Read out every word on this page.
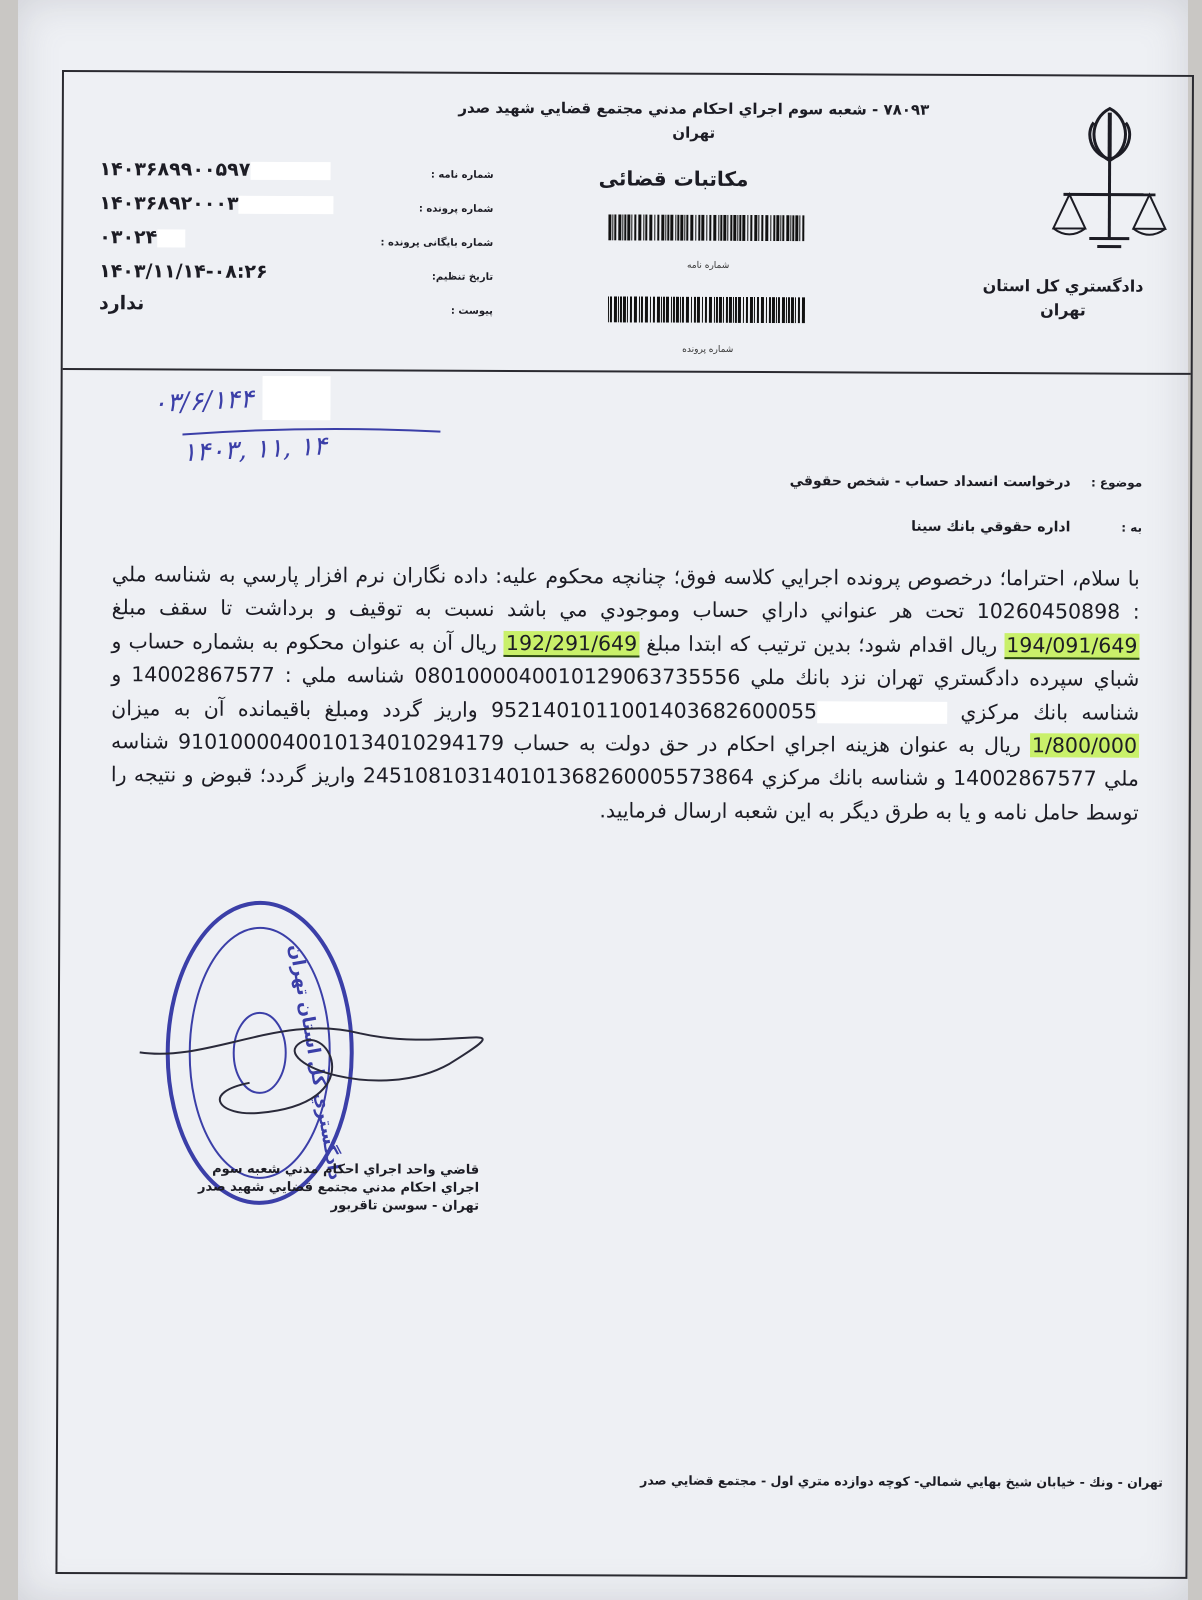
دادگستري كل استان
تهران
۷۸۰۹۳ - شعبه سوم اجراي احكام مدني مجتمع قضايي شهيد صدر
تهران
مكاتبات قضائی
شماره نامه
شماره پرونده
شماره نامه :
۱۴۰۳۶۸۹۹۰۰۵۹۷
شماره پرونده :
۱۴۰۳۶۸۹۲۰۰۰۳
شماره بایگانی پرونده :
۰۳۰۲۴
تاريخ تنظيم:
۱۴۰۳/۱۱/۱۴-۰۸:۲۶
پيوست :
ندارد
۰۳/۶/۱۴۴
۱۴۰۳, ۱۱, ۱۴
موضوع :    درخواست انسداد حساب - شخص حقوقي
به :          اداره حقوقي بانك سينا
با سلام، احتراما؛ درخصوص پرونده اجرايي كلاسه فوق؛ چنانچه محكوم عليه: داده نگاران نرم افزار پارسي به شناسه ملي : 10260450898 تحت هر عنواني داراي حساب وموجودي مي باشد نسبت به توقيف و برداشت تا سقف مبلغ 194/091/649 ريال اقدام شود؛ بدين ترتيب كه ابتدا مبلغ 192/291/649 ريال آن به عنوان محكوم به بشماره حساب و شباي سپرده دادگستري تهران نزد بانك ملي 0801000040010129063735556 شناسه ملي : 14002867577 و شناسه بانك مركزي 9521401011001403682600055 واريز گردد ومبلغ باقيمانده آن به ميزان 1/800/000 ريال به عنوان هزينه اجراي احكام در حق دولت به حساب 9101000040010134010294179 شناسه ملي 14002867577 و شناسه بانك مركزي 245108103140101368260005573864 واريز گردد؛ قبوض و نتيجه را توسط حامل نامه و يا به طرق ديگر به اين شعبه ارسال فرماييد.
دادگستري كل استان تهران
قاضي واحد اجراي احكام مدني شعبه سوم
اجراي احكام مدني مجتمع قضايي شهيد صدر
تهران - سوسن تاقربور
تهران - ونك - خيابان شيخ بهايي شمالي- كوچه دوازده متري اول - مجتمع قضايي صدر
